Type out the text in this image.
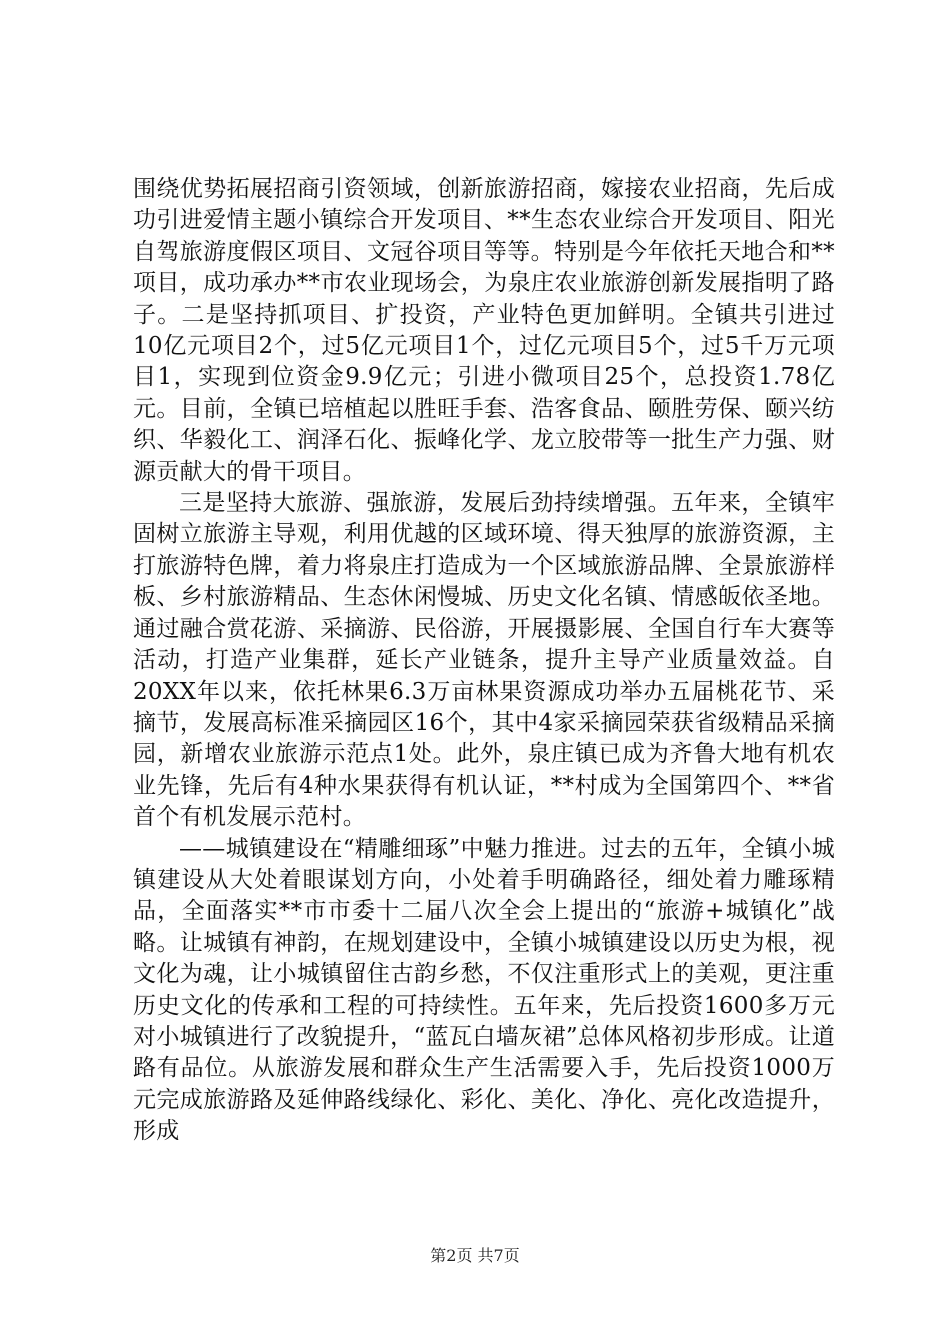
围绕优势拓展招商引资领域，创新旅游招商，嫁接农业招商，先后成功引进爱情主题小镇综合开发项目、**生态农业综合开发项目、阳光自驾旅游度假区项目、文冠谷项目等等。特别是今年依托天地合和**项目，成功承办**市农业现场会，为泉庄农业旅游创新发展指明了路子。二是坚持抓项目、扩投资，产业特色更加鲜明。全镇共引进过10亿元项目2个，过5亿元项目1个，过亿元项目5个，过5千万元项目1，实现到位资金9.9亿元；引进小微项目25个，总投资1.78亿元。目前，全镇已培植起以胜旺手套、浩客食品、颐胜劳保、颐兴纺织、华毅化工、润泽石化、振峰化学、龙立胶带等一批生产力强、财源贡献大的骨干项目。

三是坚持大旅游、强旅游，发展后劲持续增强。五年来，全镇牢固树立旅游主导观，利用优越的区域环境、得天独厚的旅游资源，主打旅游特色牌，着力将泉庄打造成为一个区域旅游品牌、全景旅游样板、乡村旅游精品、生态休闲慢城、历史文化名镇、情感皈依圣地。通过融合赏花游、采摘游、民俗游，开展摄影展、全国自行车大赛等活动，打造产业集群，延长产业链条，提升主导产业质量效益。自20XX年以来，依托林果6.3万亩林果资源成功举办五届桃花节、采摘节，发展高标准采摘园区16个，其中4家采摘园荣获省级精品采摘园，新增农业旅游示范点1处。此外，泉庄镇已成为齐鲁大地有机农业先锋，先后有4种水果获得有机认证，**村成为全国第四个、**省首个有机发展示范村。

——城镇建设在“精雕细琢”中魅力推进。过去的五年，全镇小城镇建设从大处着眼谋划方向，小处着手明确路径，细处着力雕琢精品，全面落实**市市委十二届八次全会上提出的“旅游+城镇化”战略。让城镇有神韵，在规划建设中，全镇小城镇建设以历史为根，视文化为魂，让小城镇留住古韵乡愁，不仅注重形式上的美观，更注重历史文化的传承和工程的可持续性。五年来，先后投资1600多万元对小城镇进行了改貌提升，“蓝瓦白墙灰裙”总体风格初步形成。让道路有品位。从旅游发展和群众生产生活需要入手，先后投资1000万元完成旅游路及延伸路线绿化、彩化、美化、净化、亮化改造提升，形成

第2页 共7页
